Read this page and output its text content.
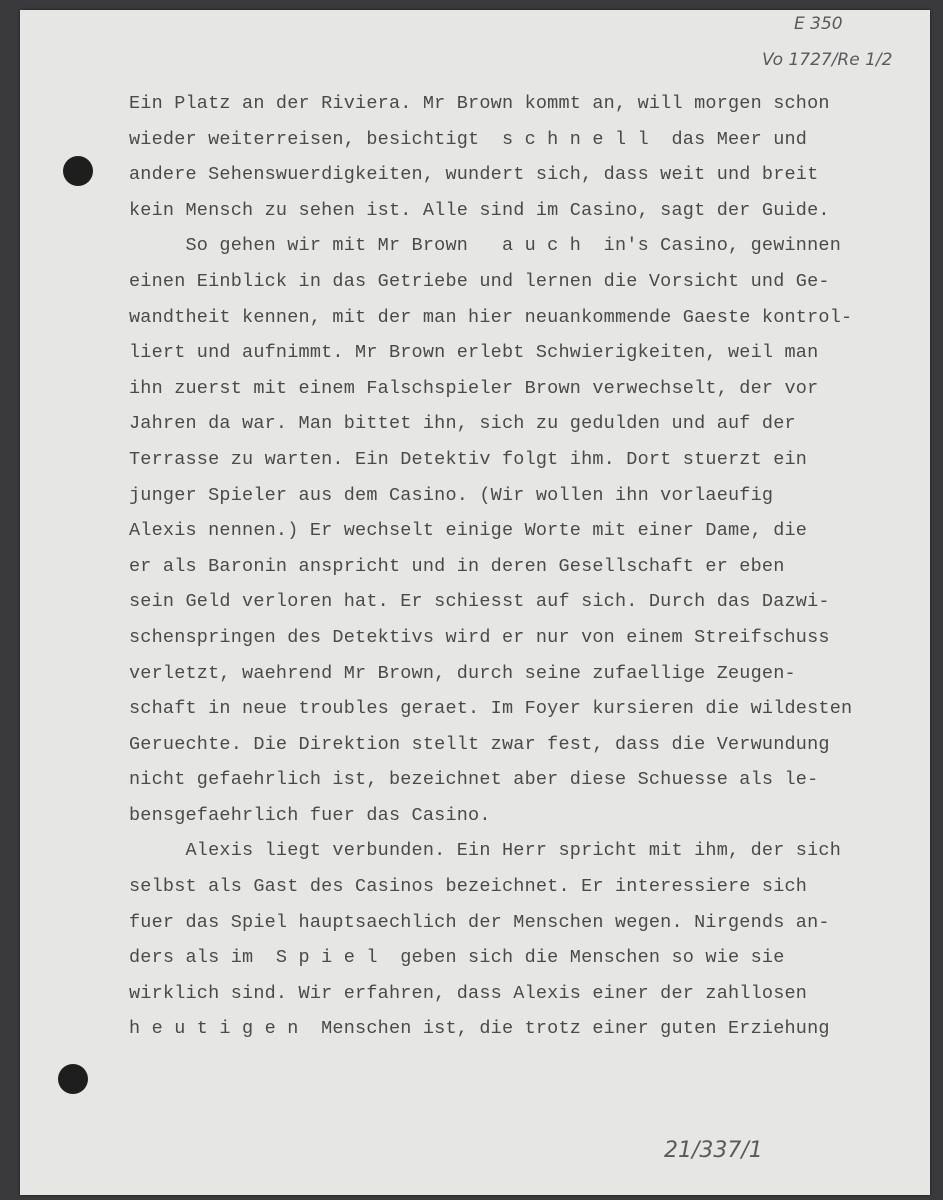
E 350
Vo 1727/Re 1/2
21/337/1
Ein Platz an der Riviera. Mr Brown kommt an, will morgen schon
wieder weiterreisen, besichtigt  s c h n e l l  das Meer und
andere Sehenswuerdigkeiten, wundert sich, dass weit und breit
kein Mensch zu sehen ist. Alle sind im Casino, sagt der Guide.
So gehen wir mit Mr Brown   a u c h  in's Casino, gewinnen
einen Einblick in das Getriebe und lernen die Vorsicht und Ge-
wandtheit kennen, mit der man hier neuankommende Gaeste kontrol-
liert und aufnimmt. Mr Brown erlebt Schwierigkeiten, weil man
ihn zuerst mit einem Falschspieler Brown verwechselt, der vor
Jahren da war. Man bittet ihn, sich zu gedulden und auf der
Terrasse zu warten. Ein Detektiv folgt ihm. Dort stuerzt ein
junger Spieler aus dem Casino. (Wir wollen ihn vorlaeufig
Alexis nennen.) Er wechselt einige Worte mit einer Dame, die
er als Baronin anspricht und in deren Gesellschaft er eben
sein Geld verloren hat. Er schiesst auf sich. Durch das Dazwi-
schenspringen des Detektivs wird er nur von einem Streifschuss
verletzt, waehrend Mr Brown, durch seine zufaellige Zeugen-
schaft in neue troubles geraet. Im Foyer kursieren die wildesten
Geruechte. Die Direktion stellt zwar fest, dass die Verwundung
nicht gefaehrlich ist, bezeichnet aber diese Schuesse als le-
bensgefaehrlich fuer das Casino.
Alexis liegt verbunden. Ein Herr spricht mit ihm, der sich
selbst als Gast des Casinos bezeichnet. Er interessiere sich
fuer das Spiel hauptsaechlich der Menschen wegen. Nirgends an-
ders als im  S p i e l  geben sich die Menschen so wie sie
wirklich sind. Wir erfahren, dass Alexis einer der zahllosen
h e u t i g e n  Menschen ist, die trotz einer guten Erziehung
